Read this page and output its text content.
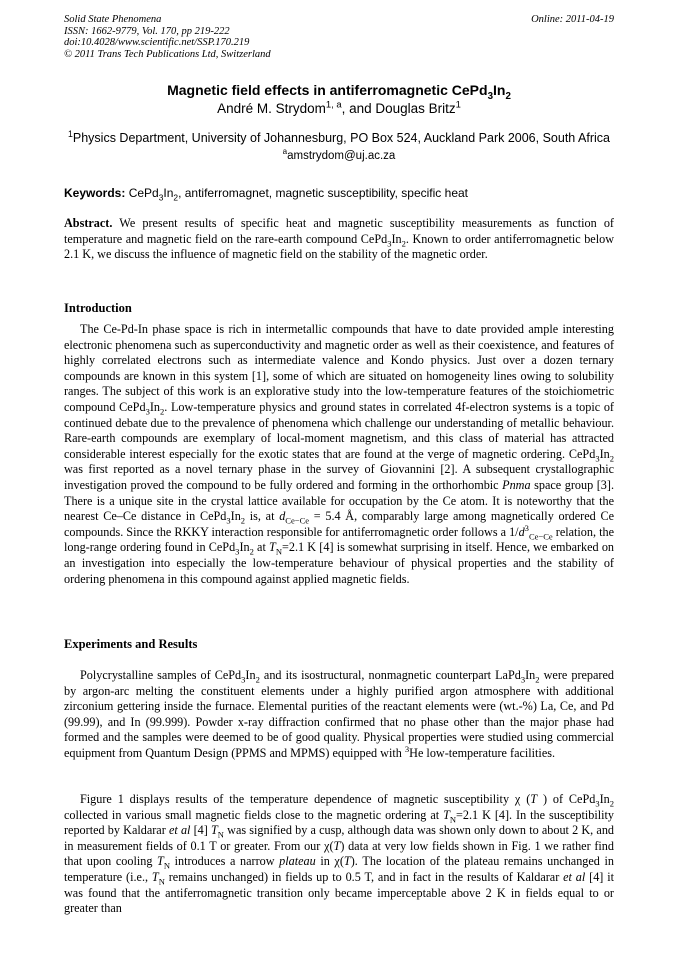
Solid State Phenomena
ISSN: 1662-9779, Vol. 170, pp 219-222
doi:10.4028/www.scientific.net/SSP.170.219
© 2011 Trans Tech Publications Ltd, Switzerland
Online: 2011-04-19
Magnetic field effects in antiferromagnetic $CePd_3In_2$
André M. Strydom$^{1, a}$, and Douglas Britz$^1$
$^1$Physics Department, University of Johannesburg, PO Box 524, Auckland Park 2006, South Africa
$^a$amstrydom@uj.ac.za
Keywords: $CePd_3In_2$, antiferromagnet, magnetic susceptibility, specific heat
Abstract. We present results of specific heat and magnetic susceptibility measurements as function of temperature and magnetic field on the rare-earth compound $CePd_3In_2$. Known to order antiferromagnetic below 2.1 K, we discuss the influence of magnetic field on the stability of the magnetic order.
Introduction
The Ce-Pd-In phase space is rich in intermetallic compounds that have to date provided ample interesting electronic phenomena such as superconductivity and magnetic order as well as their coexistence, and features of highly correlated electrons such as intermediate valence and Kondo physics. Just over a dozen ternary compounds are known in this system [1], some of which are situated on homogeneity lines owing to solubility ranges. The subject of this work is an explorative study into the low-temperature features of the stoichiometric compound $CePd_3In_2$. Low-temperature physics and ground states in correlated 4f-electron systems is a topic of continued debate due to the prevalence of phenomena which challenge our understanding of metallic behaviour. Rare-earth compounds are exemplary of local-moment magnetism, and this class of material has attracted considerable interest especially for the exotic states that are found at the verge of magnetic ordering. $CePd_3In_2$ was first reported as a novel ternary phase in the survey of Giovannini [2]. A subsequent crystallographic investigation proved the compound to be fully ordered and forming in the orthorhombic Pnma space group [3]. There is a unique site in the crystal lattice available for occupation by the Ce atom. It is noteworthy that the nearest Ce–Ce distance in $CePd_3In_2$ is, at $d_{Ce-Ce} = 5.4$ Å, comparably large among magnetically ordered Ce compounds. Since the RKKY interaction responsible for antiferromagnetic order follows a $1/d^3_{Ce-Ce}$ relation, the long-range ordering found in $CePd_3In_2$ at $T_N=2.1$ K [4] is somewhat surprising in itself. Hence, we embarked on an investigation into especially the low-temperature behaviour of physical properties and the stability of ordering phenomena in this compound against applied magnetic fields.
Experiments and Results
Polycrystalline samples of $CePd_3In_2$ and its isostructural, nonmagnetic counterpart $LaPd_3In_2$ were prepared by argon-arc melting the constituent elements under a highly purified argon atmosphere with additional zirconium gettering inside the furnace. Elemental purities of the reactant elements were (wt.-%) La, Ce, and Pd (99.99), and In (99.999). Powder x-ray diffraction confirmed that no phase other than the major phase had formed and the samples were deemed to be of good quality. Physical properties were studied using commercial equipment from Quantum Design (PPMS and MPMS) equipped with $^3$He low-temperature facilities.
Figure 1 displays results of the temperature dependence of magnetic susceptibility χ (T ) of $CePd_3In_2$ collected in various small magnetic fields close to the magnetic ordering at $T_N=2.1$ K [4]. In the susceptibility reported by Kaldarar et al [4] $T_N$ was signified by a cusp, although data was shown only down to about 2 K, and in measurement fields of 0.1 T or greater. From our χ(T) data at very low fields shown in Fig. 1 we rather find that upon cooling $T_N$ introduces a narrow plateau in χ(T). The location of the plateau remains unchanged in temperature (i.e., $T_N$ remains unchanged) in fields up to 0.5 T, and in fact in the results of Kaldarar et al [4] it was found that the antiferromagnetic transition only became imperceptable above 2 K in fields equal to or greater than
